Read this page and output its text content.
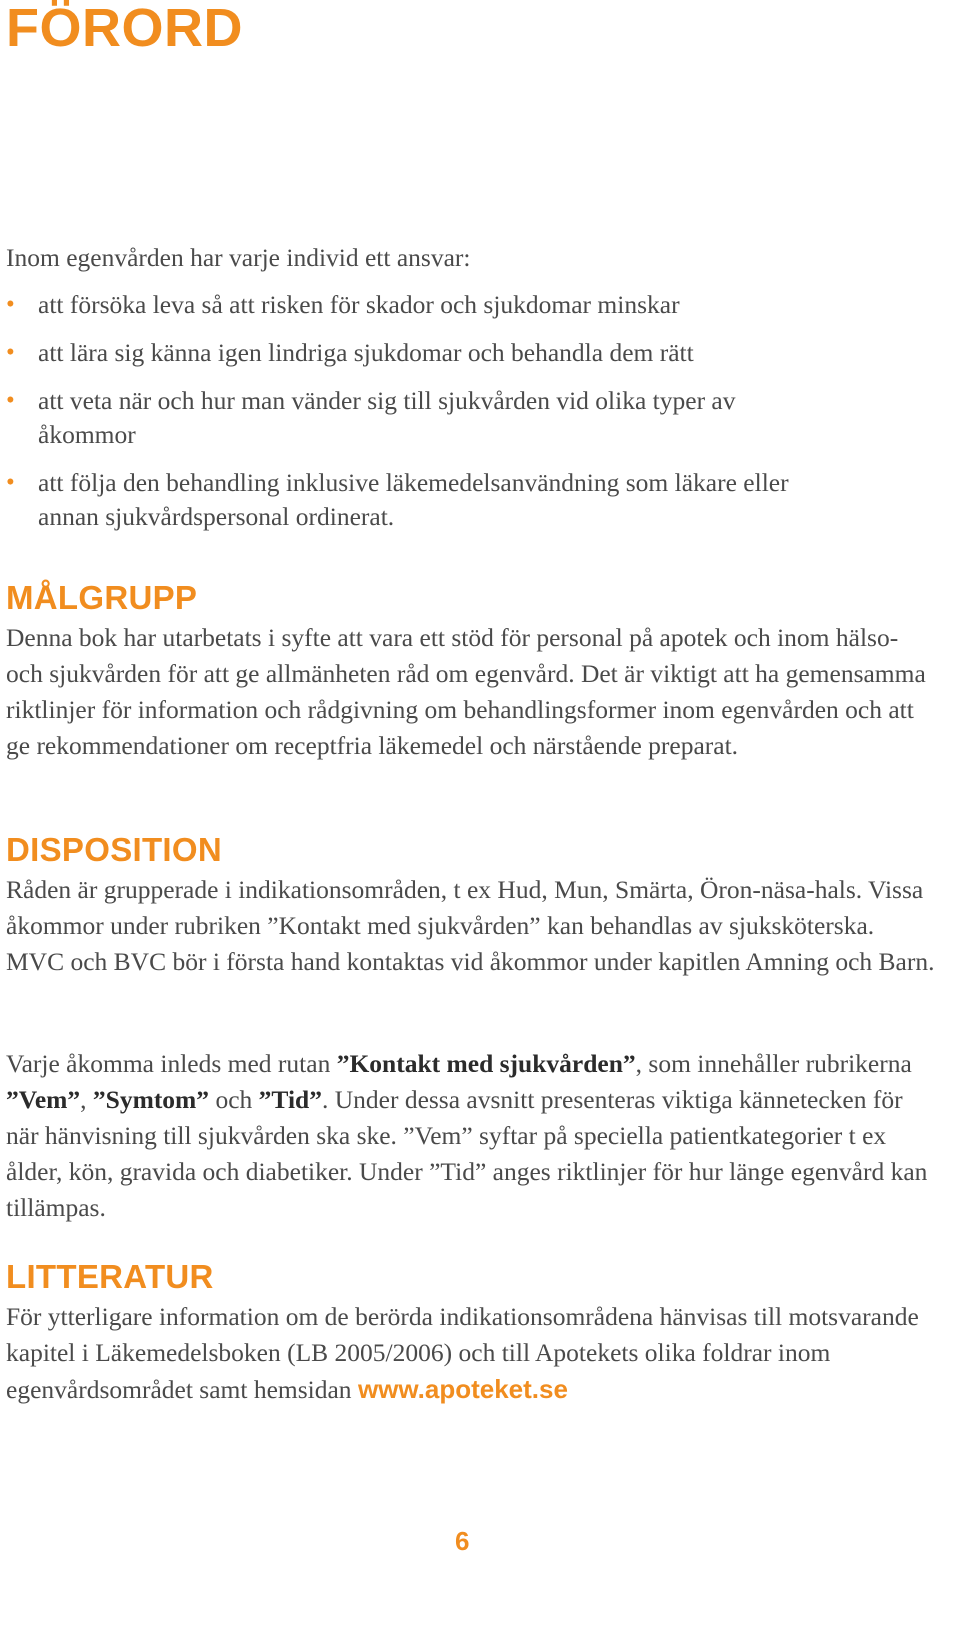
FÖRORD

Inom egenvården har varje individ ett ansvar:

• att försöka leva så att risken för skador och sjukdomar minskar
• att lära sig känna igen lindriga sjukdomar och behandla dem rätt
• att veta när och hur man vänder sig till sjukvården vid olika typer av åkommor
• att följa den behandling inklusive läkemedelsanvändning som läkare eller annan sjukvårdspersonal ordinerat.
MÅLGRUPP

Denna bok har utarbetats i syfte att vara ett stöd för personal på apotek och inom hälso- och sjukvården för att ge allmänheten råd om egenvård. Det är viktigt att ha gemensamma riktlinjer för information och rådgivning om behandlingsformer inom egenvården och att ge rekommendationer om receptfria läkemedel och närstående preparat.

DISPOSITION

Råden är grupperade i indikationsområden, t ex Hud, Mun, Smärta, Öron-näsa-hals. Vissa åkommor under rubriken ”Kontakt med sjukvården” kan behandlas av sjuksköterska. MVC och BVC bör i första hand kontaktas vid åkommor under kapitlen Amning och Barn.

Varje åkomma inleds med rutan ”Kontakt med sjukvården”, som innehåller rubrikerna ”Vem”, ”Symtom” och ”Tid”. Under dessa avsnitt presenteras viktiga kännetecken för när hänvisning till sjukvården ska ske. ”Vem” syftar på speciella patientkategorier t ex ålder, kön, gravida och diabetiker. Under ”Tid” anges riktlinjer för hur länge egenvård kan tillämpas.

LITTERATUR

För ytterligare information om de berörda indikationsområdena hänvisas till motsvarande kapitel i Läkemedelsboken (LB 2005/2006) och till Apotekets olika foldrar inom egenvårdsområdet samt hemsidan www.apoteket.se

6
